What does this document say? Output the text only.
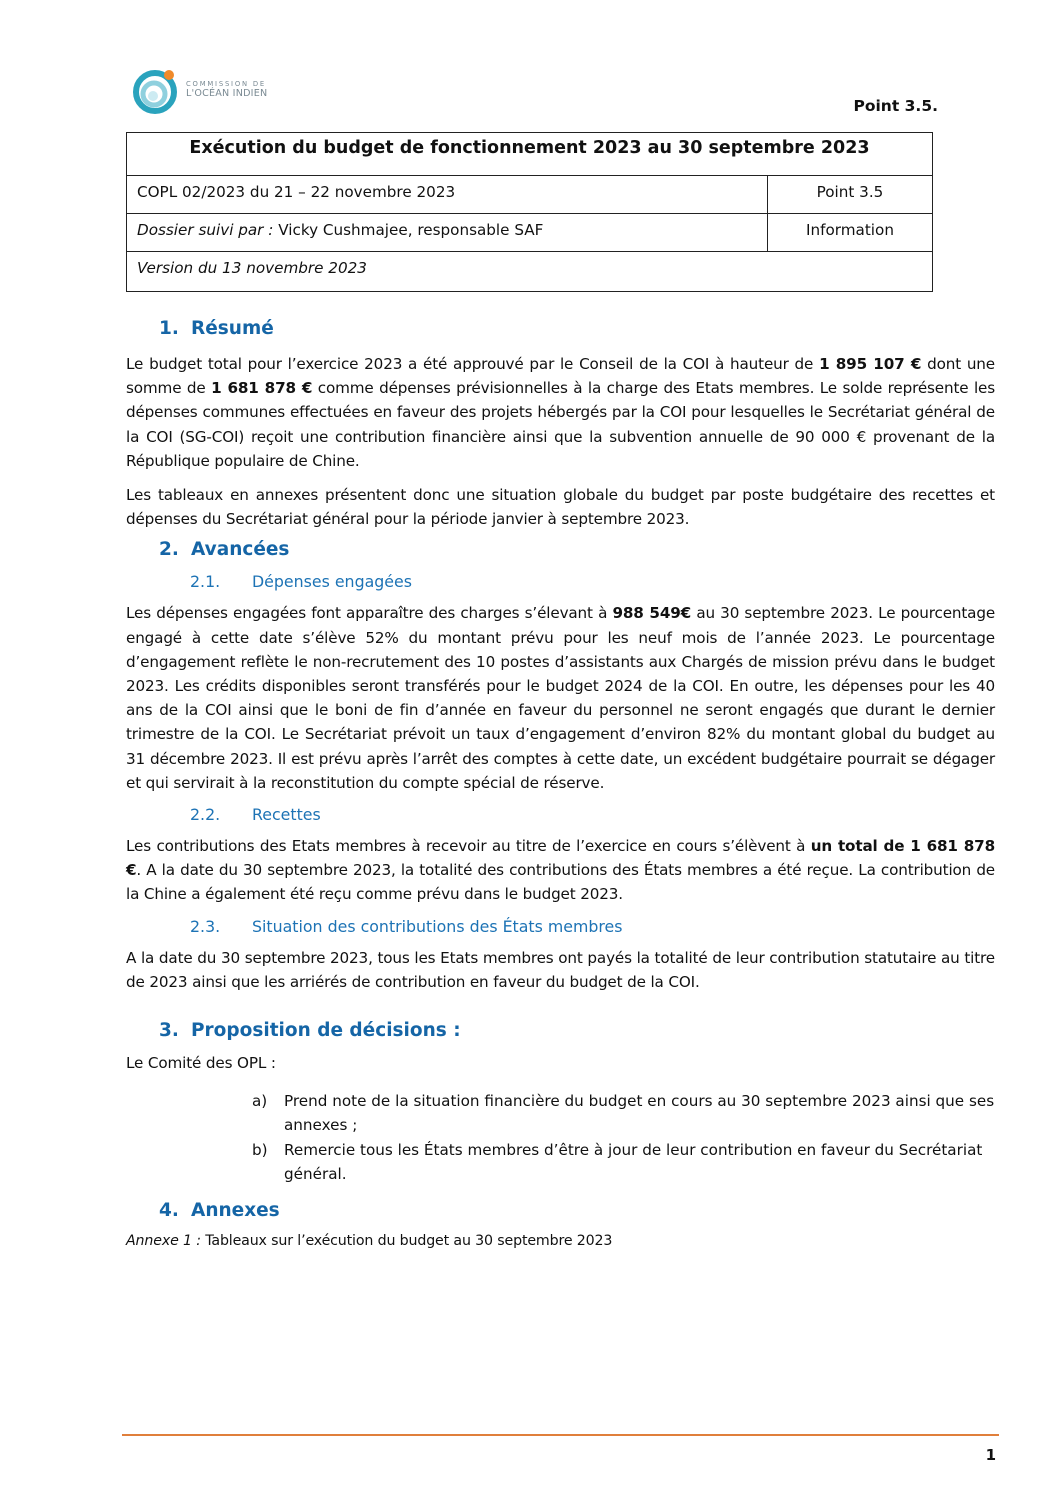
COMMISSION DE
L'OCÉAN INDIEN
Point 3.5.
Exécution du budget de fonctionnement 2023 au 30 septembre 2023	
COPL 02/2023 du 21 – 22 novembre 2023	Point 3.5
Dossier suivi par : Vicky Cushmajee, responsable SAF	Information
Version du 13 novembre 2023	
1. Résumé

Le budget total pour l’exercice 2023 a été approuvé par le Conseil de la COI à hauteur de 1 895 107 € dont une somme de 1 681 878 € comme dépenses prévisionnelles à la charge des Etats membres. Le solde représente les dépenses communes effectuées en faveur des projets hébergés par la COI pour lesquelles le Secrétariat général de la COI (SG-COI) reçoit une contribution financière ainsi que la subvention annuelle de 90 000 € provenant de la République populaire de Chine.

Les tableaux en annexes présentent donc une situation globale du budget par poste budgétaire des recettes et dépenses du Secrétariat général pour la période janvier à septembre 2023.

2. Avancées
2.1.	Dépenses engagées

Les dépenses engagées font apparaître des charges s’élevant à 988 549€ au 30 septembre 2023. Le pourcentage engagé à cette date s’élève 52% du montant prévu pour les neuf mois de l’année 2023. Le pourcentage d’engagement reflète le non-recrutement des 10 postes d’assistants aux Chargés de mission prévu dans le budget 2023. Les crédits disponibles seront transférés pour le budget 2024 de la COI. En outre, les dépenses pour les 40 ans de la COI ainsi que le boni de fin d’année en faveur du personnel ne seront engagés que durant le dernier trimestre de la COI. Le Secrétariat prévoit un taux d’engagement d’environ 82% du montant global du budget au 31 décembre 2023. Il est prévu après l’arrêt des comptes à cette date, un excédent budgétaire pourrait se dégager et qui servirait à la reconstitution du compte spécial de réserve.

2.2.	Recettes

Les contributions des Etats membres à recevoir au titre de l’exercice en cours s’élèvent à un total de 1 681 878 €. A la date du 30 septembre 2023, la totalité des contributions des États membres a été reçue. La contribution de la Chine a également été reçu comme prévu dans le budget 2023.

2.3.	Situation des contributions des États membres

A la date du 30 septembre 2023, tous les Etats membres ont payés la totalité de leur contribution statutaire au titre de 2023 ainsi que les arriérés de contribution en faveur du budget de la COI.

3. Proposition de décisions :

Le Comité des OPL :

a)	Prend note de la situation financière du budget en cours au 30 septembre 2023 ainsi que ses annexes ;
b)	Remercie tous les États membres d’être à jour de leur contribution en faveur du Secrétariat général.
4. Annexes

Annexe 1 : Tableaux sur l’exécution du budget au 30 septembre 2023

1
